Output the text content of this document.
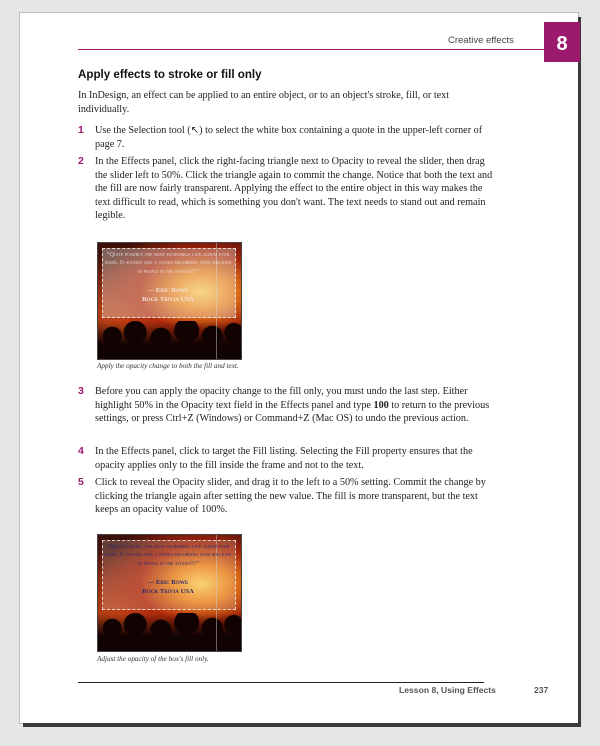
Creative effects	8
Apply effects to stroke or fill only
In InDesign, an effect can be applied to an entire object, or to an object's stroke, fill, or text individually.
1 Use the Selection tool (↖) to select the white box containing a quote in the upper-left corner of page 7.
2 In the Effects panel, click the right-facing triangle next to Opacity to reveal the slider, then drag the slider left to 50%. Click the triangle again to commit the change. Notice that both the text and the fill are now fairly transparent. Applying the effect to the entire object in this way makes the text difficult to read, which is something you don't want. The text needs to stand out and remain legible.
“Quite possibly the most incredible live album ever made. It sounds like a studio recording with millions of people in the studio!!!”
— Eric Rowe
Rock Trivia USA
Apply the opacity change to both the fill and text.
3 Before you can apply the opacity change to the fill only, you must undo the last step. Either highlight 50% in the Opacity text field in the Effects panel and type 100 to return to the previous settings, or press Ctrl+Z (Windows) or Command+Z (Mac OS) to undo the previous action.
4 In the Effects panel, click to target the Fill listing. Selecting the Fill property ensures that the opacity applies only to the fill inside the frame and not to the text.
5 Click to reveal the Opacity slider, and drag it to the left to a 50% setting. Commit the change by clicking the triangle again after setting the new value. The fill is more transparent, but the text keeps an opacity value of 100%.
“Quite possibly the most incredible live album ever made. It sounds like a studio recording with millions of people in the studio!!!”
— Eric Rowe
Rock Trivia USA
Adjust the opacity of the box's fill only.
Lesson 8, Using Effects	237
